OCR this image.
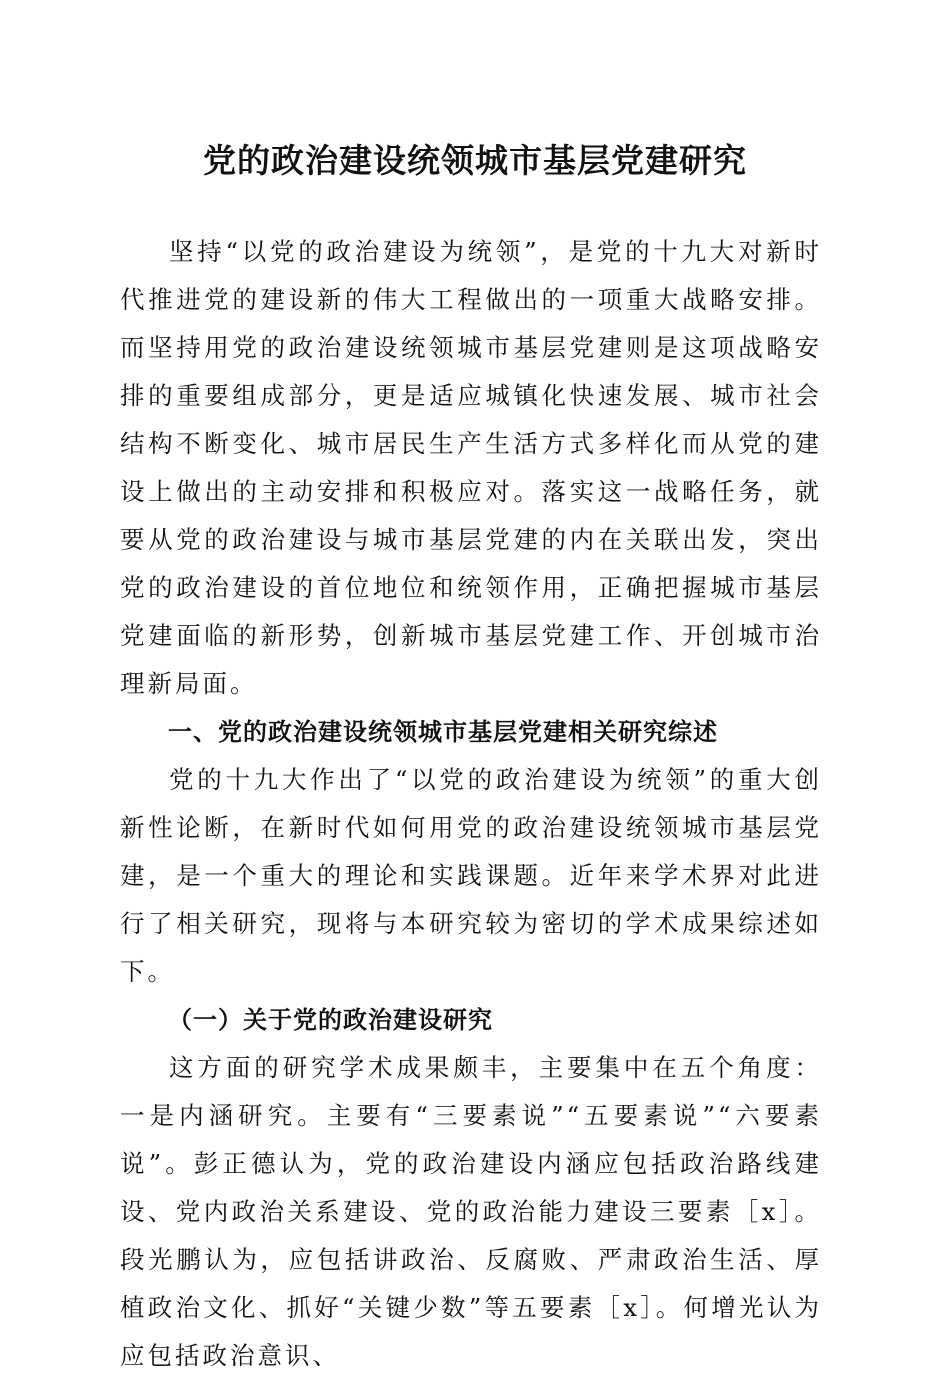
党的政治建设统领城市基层党建研究

坚持“以党的政治建设为统领”，是党的十九大对新时代推进党的建设新的伟大工程做出的一项重大战略安排。而坚持用党的政治建设统领城市基层党建则是这项战略安排的重要组成部分，更是适应城镇化快速发展、城市社会结构不断变化、城市居民生产生活方式多样化而从党的建设上做出的主动安排和积极应对。落实这一战略任务，就要从党的政治建设与城市基层党建的内在关联出发，突出党的政治建设的首位地位和统领作用，正确把握城市基层党建面临的新形势，创新城市基层党建工作、开创城市治理新局面。

一、党的政治建设统领城市基层党建相关研究综述

党的十九大作出了“以党的政治建设为统领”的重大创新性论断，在新时代如何用党的政治建设统领城市基层党建，是一个重大的理论和实践课题。近年来学术界对此进行了相关研究，现将与本研究较为密切的学术成果综述如下。

（一）关于党的政治建设研究

这方面的研究学术成果颇丰，主要集中在五个角度：一是内涵研究。主要有“三要素说”“五要素说”“六要素说”。彭正德认为，党的政治建设内涵应包括政治路线建设、党内政治关系建设、党的政治能力建设三要素［x］。段光鹏认为，应包括讲政治、反腐败、严肃政治生活、厚植政治文化、抓好“关键少数”等五要素［x］。何增光认为应包括政治意识、
